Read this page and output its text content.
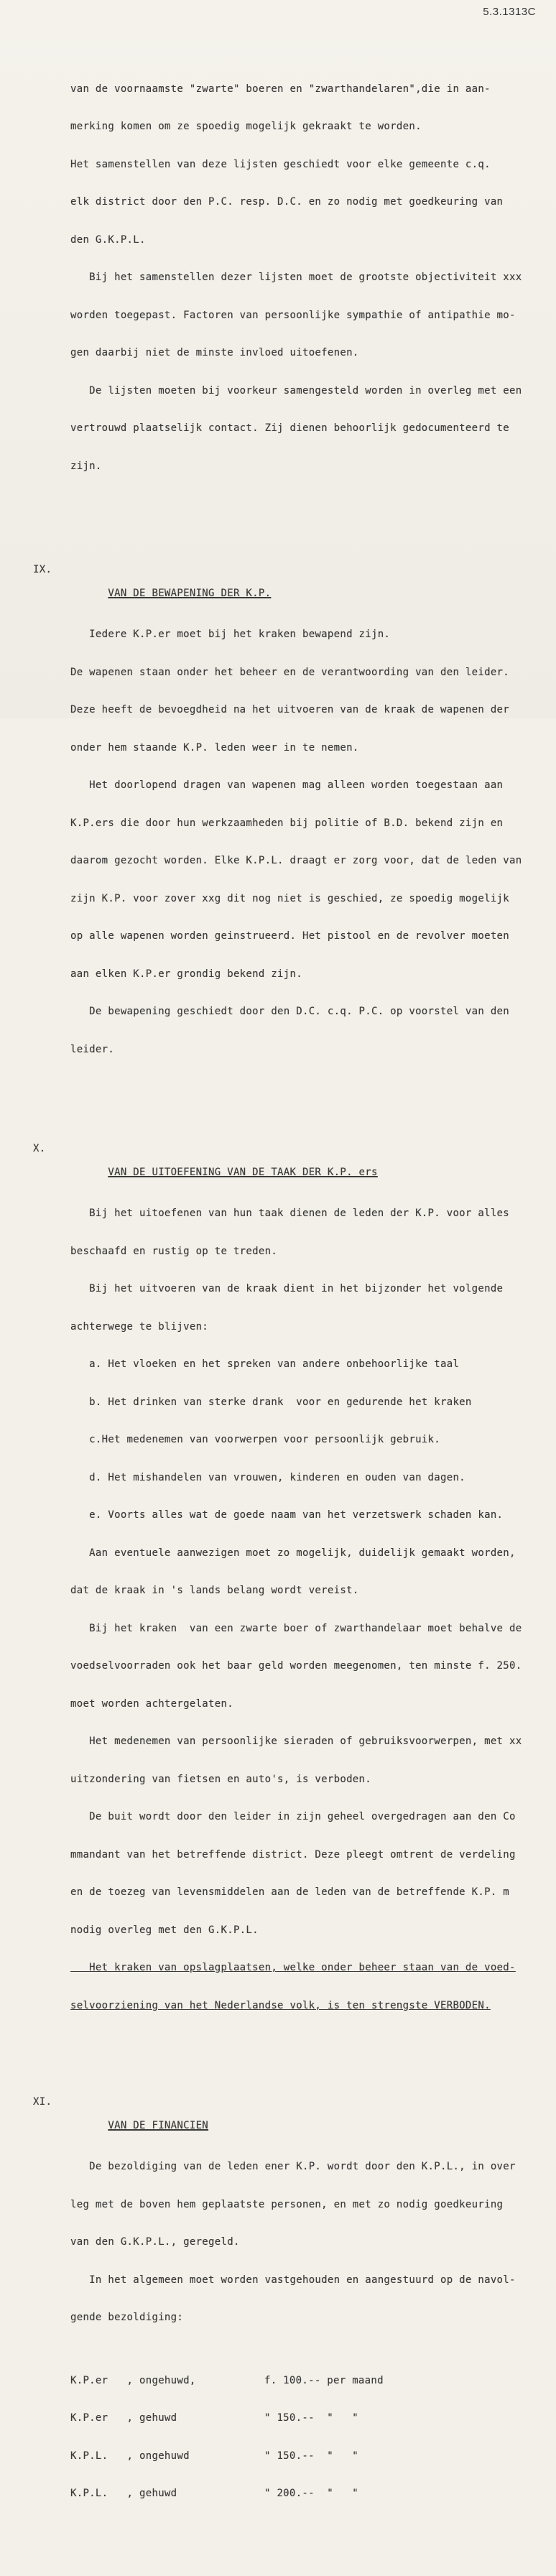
5.3.1313C

van de voornaamste "zwarte" boeren en "zwarthandelaren",die in aan-

merking komen om ze spoedig mogelijk gekraakt te worden.

Het samenstellen van deze lijsten geschiedt voor elke gemeente c.q.

elk district door den P.C. resp. D.C. en zo nodig met goedkeuring van

den G.K.P.L.

Bij het samenstellen dezer lijsten moet de grootste objectiviteit xxx

worden toegepast. Factoren van persoonlijke sympathie of antipathie mo-

gen daarbij niet de minste invloed uitoefenen.

De lijsten moeten bij voorkeur samengesteld worden in overleg met een

vertrouwd plaatselijk contact. Zij dienen behoorlijk gedocumenteerd te

zijn.

IX.

VAN DE BEWAPENING DER K.P.

Iedere K.P.er moet bij het kraken bewapend zijn.

De wapenen staan onder het beheer en de verantwoording van den leider.

Deze heeft de bevoegdheid na het uitvoeren van de kraak de wapenen der

onder hem staande K.P. leden weer in te nemen.

Het doorlopend dragen van wapenen mag alleen worden toegestaan aan

K.P.ers die door hun werkzaamheden bij politie of B.D. bekend zijn en

daarom gezocht worden. Elke K.P.L. draagt er zorg voor, dat de leden van

zijn K.P. voor zover xxg dit nog niet is geschied, ze spoedig mogelijk

op alle wapenen worden geinstrueerd. Het pistool en de revolver moeten

aan elken K.P.er grondig bekend zijn.

De bewapening geschiedt door den D.C. c.q. P.C. op voorstel van den

leider.

X.

VAN DE UITOEFENING VAN DE TAAK DER K.P. ers

Bij het uitoefenen van hun taak dienen de leden der K.P. voor alles

beschaafd en rustig op te treden.

Bij het uitvoeren van de kraak dient in het bijzonder het volgende

achterwege te blijven:

a. Het vloeken en het spreken van andere onbehoorlijke taal

b. Het drinken van sterke drank  voor en gedurende het kraken

c.Het medenemen van voorwerpen voor persoonlijk gebruik.

d. Het mishandelen van vrouwen, kinderen en ouden van dagen.

e. Voorts alles wat de goede naam van het verzetswerk schaden kan.

Aan eventuele aanwezigen moet zo mogelijk, duidelijk gemaakt worden,

dat de kraak in 's lands belang wordt vereist.

Bij het kraken  van een zwarte boer of zwarthandelaar moet behalve de

voedselvoorraden ook het baar geld worden meegenomen, ten minste f. 250.

moet worden achtergelaten.

Het medenemen van persoonlijke sieraden of gebruiksvoorwerpen, met xx

uitzondering van fietsen en auto's, is verboden.

De buit wordt door den leider in zijn geheel overgedragen aan den Co

mmandant van het betreffende district. Deze pleegt omtrent de verdeling

en de toezeg van levensmiddelen aan de leden van de betreffende K.P. m

nodig overleg met den G.K.P.L.

Het kraken van opslagplaatsen, welke onder beheer staan van de voed-

selvoorziening van het Nederlandse volk, is ten strengste VERBODEN.

XI.

VAN DE FINANCIEN

De bezoldiging van de leden ener K.P. wordt door den K.P.L., in over

leg met de boven hem geplaatste personen, en met zo nodig goedkeuring

van den G.K.P.L., geregeld.

In het algemeen moet worden vastgehouden en aangestuurd op de navol-

gende bezoldiging:

K.P.er   , ongehuwd,	f. 100.-- per maand

K.P.er   , gehuwd	" 150.--  "   "

K.P.L.   , ongehuwd	" 150.--  "   "

K.P.L.   , gehuwd	" 200.--  "   "
